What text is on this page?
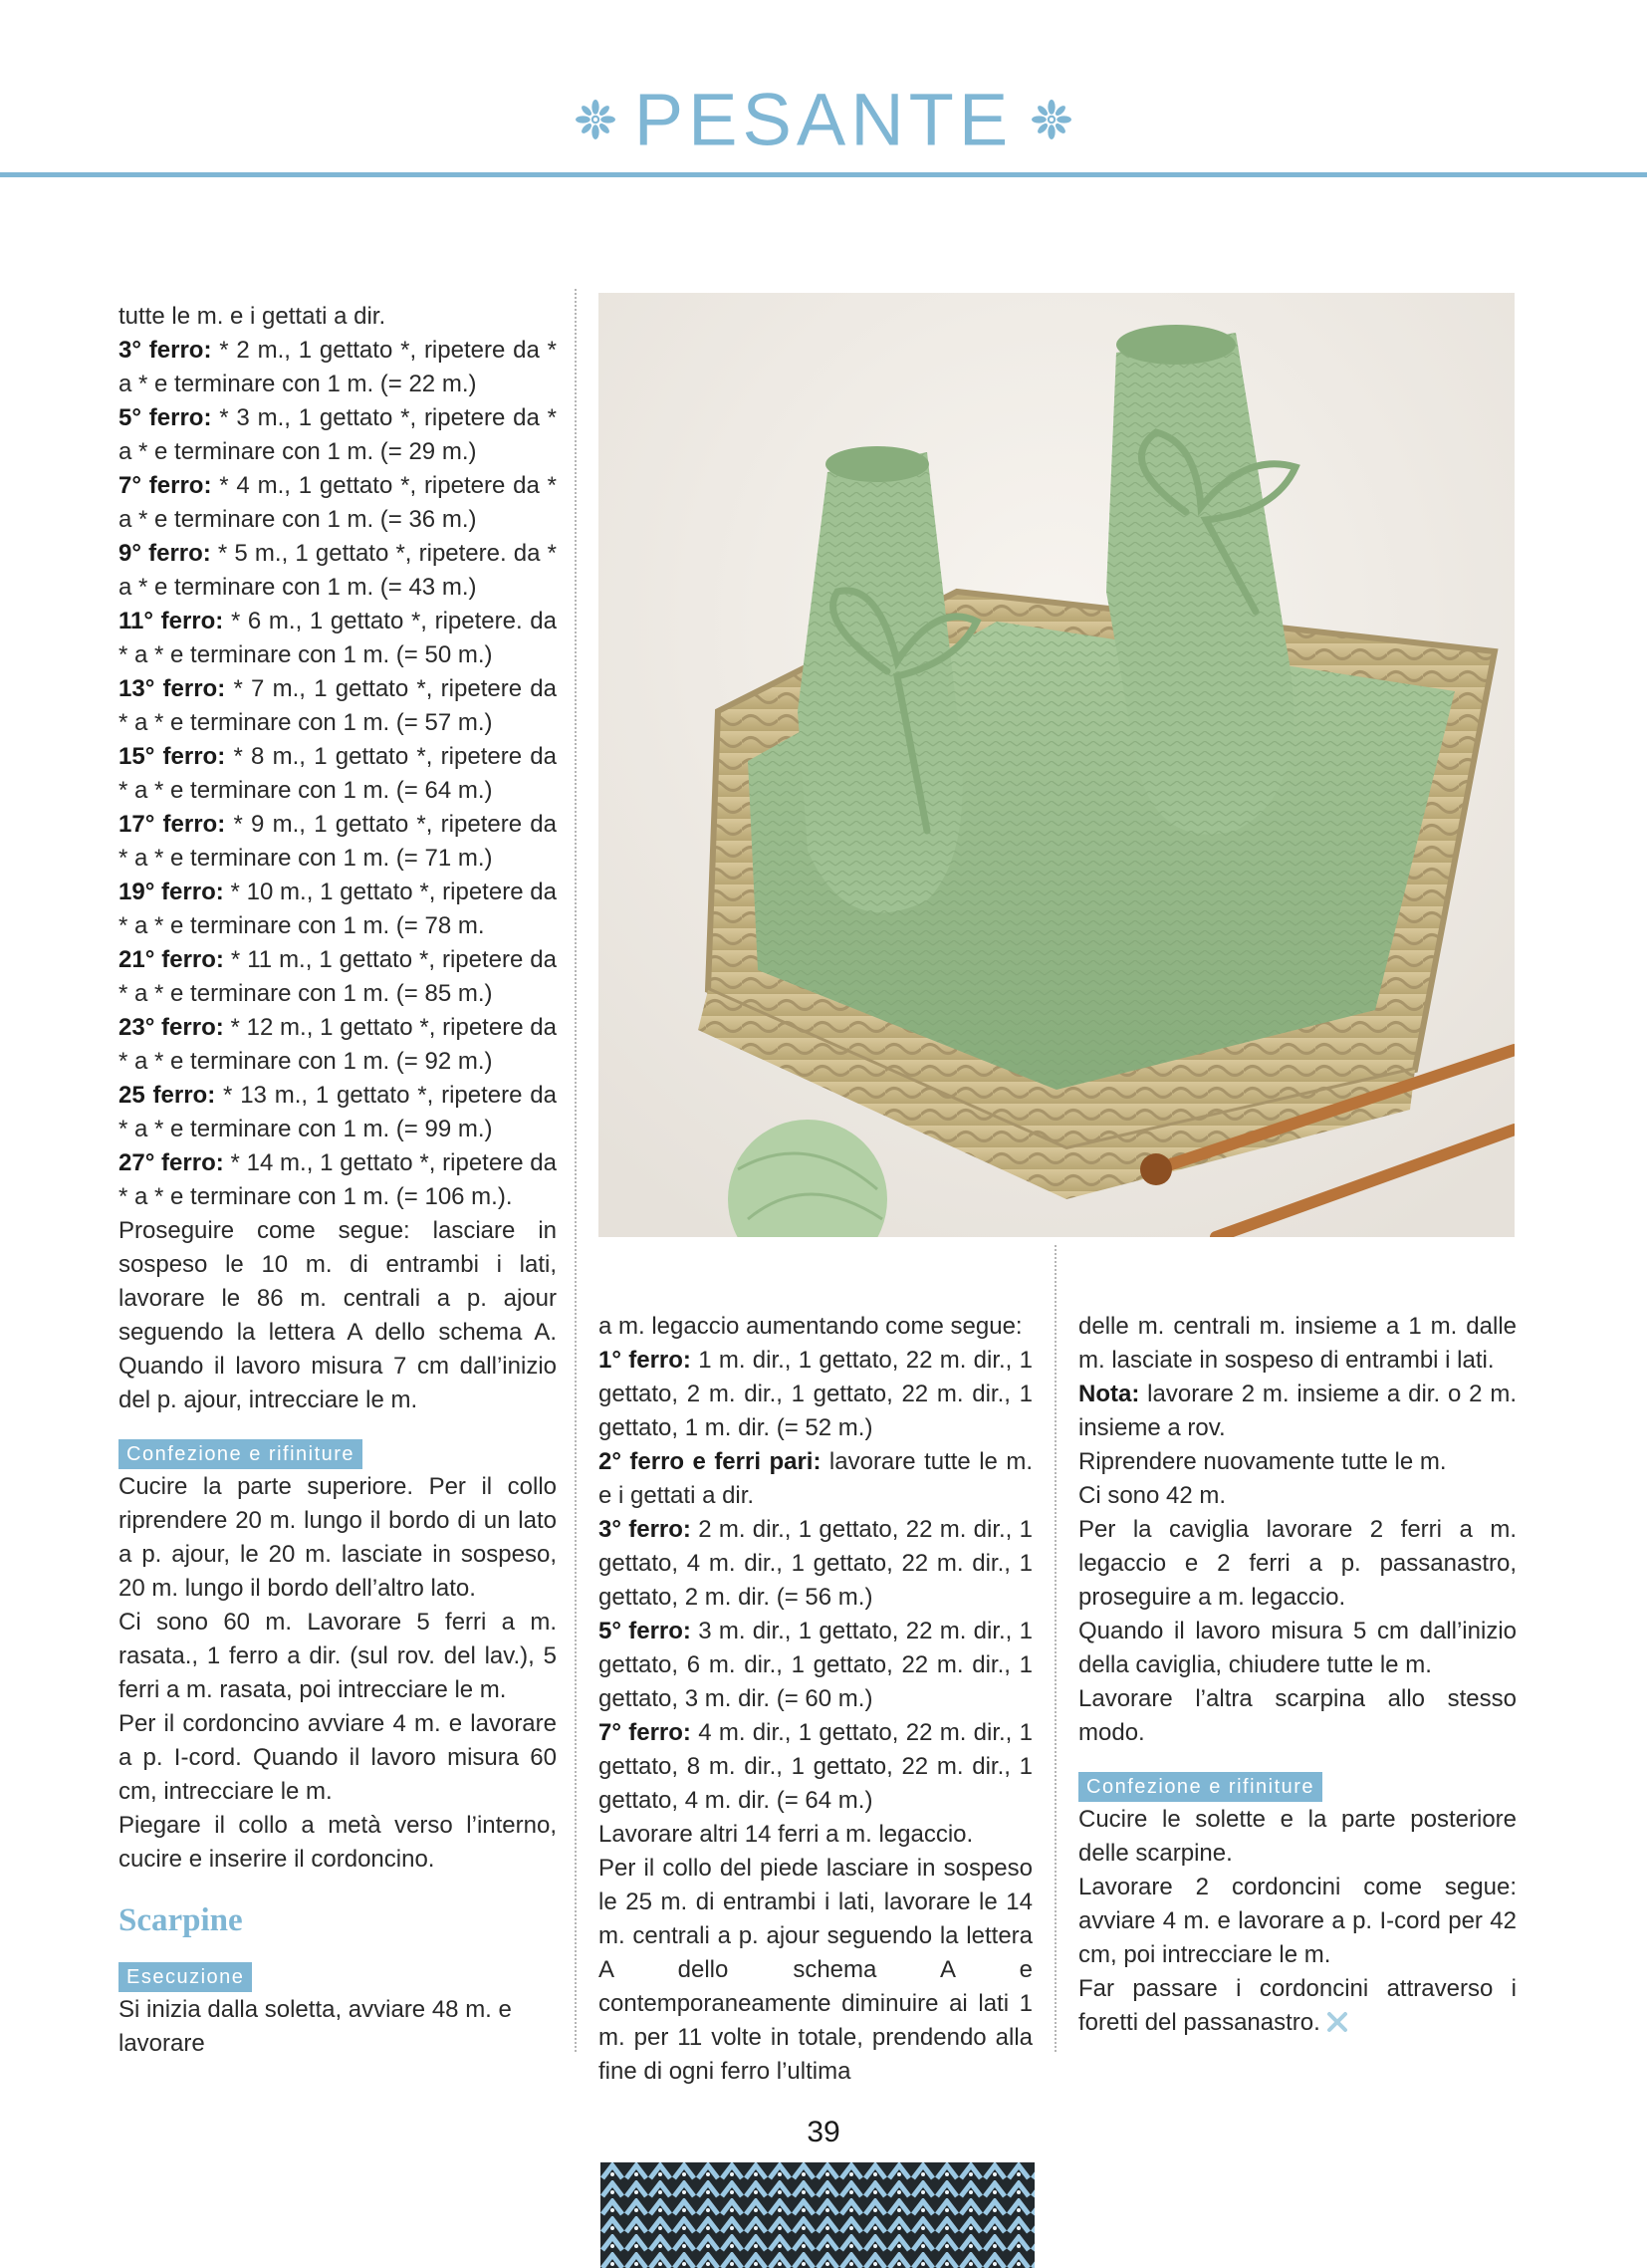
PESANTE

tutte le m. e i gettati a dir.

3° ferro: * 2 m., 1 gettato *, ripetere da * a * e terminare con 1 m. (= 22 m.)

5° ferro: * 3 m., 1 gettato *, ripetere da * a * e terminare con 1 m. (= 29 m.)

7° ferro: * 4 m., 1 gettato *, ripetere da * a * e terminare con 1 m. (= 36 m.)

9° ferro: * 5 m., 1 gettato *, ripetere. da * a * e terminare con 1 m. (= 43 m.)

11° ferro: * 6 m., 1 gettato *, ripetere. da * a * e terminare con 1 m. (= 50 m.)

13° ferro: * 7 m., 1 gettato *, ripetere da * a * e terminare con 1 m. (= 57 m.)

15° ferro: * 8 m., 1 gettato *, ripetere da * a * e terminare con 1 m. (= 64 m.)

17° ferro: * 9 m., 1 gettato *, ripetere da * a * e terminare con 1 m. (= 71 m.)

19° ferro: * 10 m., 1 gettato *, ripetere da * a * e terminare con 1 m. (= 78 m.

21° ferro: * 11 m., 1 gettato *, ripetere da * a * e terminare con 1 m. (= 85 m.)

23° ferro: * 12 m., 1 gettato *, ripetere da * a * e terminare con 1 m. (= 92 m.)

25 ferro: * 13 m., 1 gettato *, ripetere da * a * e terminare con 1 m. (= 99 m.)

27° ferro: * 14 m., 1 gettato *, ripetere da * a * e terminare con 1 m. (= 106 m.).

Proseguire come segue: lasciare in sospeso le 10 m. di entrambi i lati, lavorare le 86 m. centrali a p. ajour seguendo la lettera A dello schema A. Quando il lavoro misura 7 cm dall’inizio del p. ajour, intrecciare le m.

Confezione e rifiniture

Cucire la parte superiore. Per il collo riprendere 20 m. lungo il bordo di un lato a p. ajour, le 20 m. lasciate in sospeso, 20 m. lungo il bordo dell’altro lato.

Ci sono 60 m. Lavorare 5 ferri a m. rasata., 1 ferro a dir. (sul rov. del lav.), 5 ferri a m. rasata, poi intrecciare le m.

Per il cordoncino avviare 4 m. e lavorare a p. I-cord. Quando il lavoro misura 60 cm, intrecciare le m.

Piegare il collo a metà verso l’interno, cucire e inserire il cordoncino.

Scarpine
Esecuzione

Si inizia dalla soletta, avviare 48 m. e lavorare

a m. legaccio aumentando come segue:

1° ferro: 1 m. dir., 1 gettato, 22 m. dir., 1 gettato, 2 m. dir., 1 gettato, 22 m. dir., 1 gettato, 1 m. dir. (= 52 m.)

2° ferro e ferri pari: lavorare tutte le m. e i gettati a dir.

3° ferro: 2 m. dir., 1 gettato, 22 m. dir., 1 gettato, 4 m. dir., 1 gettato, 22 m. dir., 1 gettato, 2 m. dir. (= 56 m.)

5° ferro: 3 m. dir., 1 gettato, 22 m. dir., 1 gettato, 6 m. dir., 1 gettato, 22 m. dir., 1 gettato, 3 m. dir. (= 60 m.)

7° ferro: 4 m. dir., 1 gettato, 22 m. dir., 1 gettato, 8 m. dir., 1 gettato, 22 m. dir., 1 gettato, 4 m. dir. (= 64 m.)

Lavorare altri 14 ferri a m. legaccio.

Per il collo del piede lasciare in sospeso le 25 m. di entrambi i lati, lavorare le 14 m. centrali a p. ajour seguendo la lettera A dello schema A e contemporaneamente diminuire ai lati 1 m. per 11 volte in totale, prendendo alla fine di ogni ferro l’ultima

delle m. centrali m. insieme a 1 m. dalle m. lasciate in sospeso di entrambi i lati.

Nota: lavorare 2 m. insieme a dir. o 2 m. insieme a rov.

Riprendere nuovamente tutte le m.

Ci sono 42 m.

Per la caviglia lavorare 2 ferri a m. legaccio e 2 ferri a p. passanastro, proseguire a m. legaccio.

Quando il lavoro misura 5 cm dall’inizio della caviglia, chiudere tutte le m.

Lavorare l’altra scarpina allo stesso modo.

Confezione e rifiniture

Cucire le solette e la parte posteriore delle scarpine.

Lavorare 2 cordoncini come segue: avviare 4 m. e lavorare a p. I-cord per 42 cm, poi intrecciare le m.

Far passare i cordoncini attraverso i foretti del passanastro.

39
